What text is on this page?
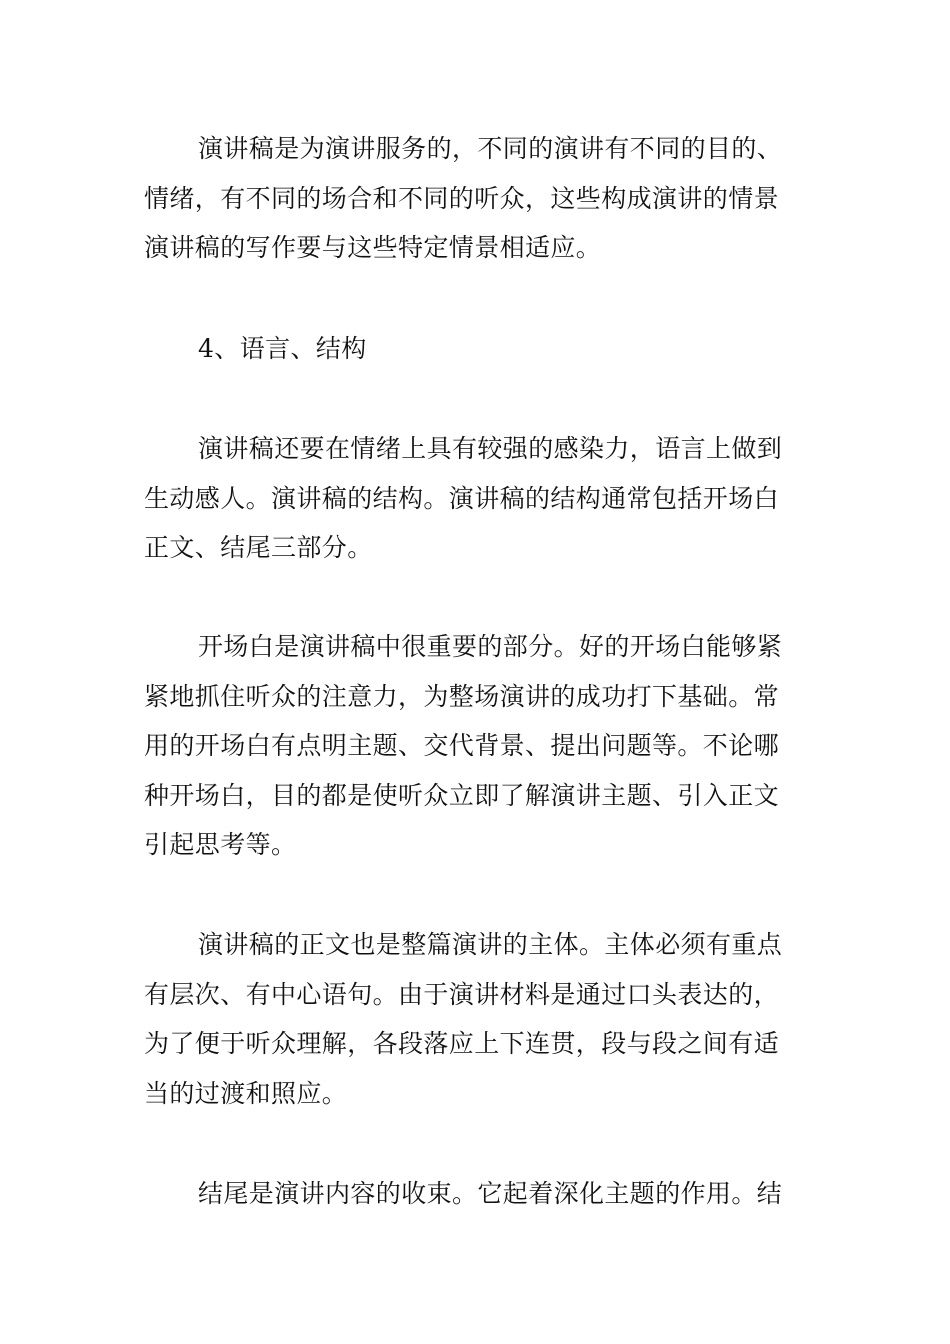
演讲稿是为演讲服务的，不同的演讲有不同的目的、
情绪，有不同的场合和不同的听众，这些构成演讲的情景
演讲稿的写作要与这些特定情景相适应。
4、语言、结构
演讲稿还要在情绪上具有较强的感染力，语言上做到
生动感人。演讲稿的结构。演讲稿的结构通常包括开场白
正文、结尾三部分。
开场白是演讲稿中很重要的部分。好的开场白能够紧
紧地抓住听众的注意力，为整场演讲的成功打下基础。常
用的开场白有点明主题、交代背景、提出问题等。不论哪
种开场白，目的都是使听众立即了解演讲主题、引入正文
引起思考等。
演讲稿的正文也是整篇演讲的主体。主体必须有重点
有层次、有中心语句。由于演讲材料是通过口头表达的，
为了便于听众理解，各段落应上下连贯，段与段之间有适
当的过渡和照应。
结尾是演讲内容的收束。它起着深化主题的作用。结
